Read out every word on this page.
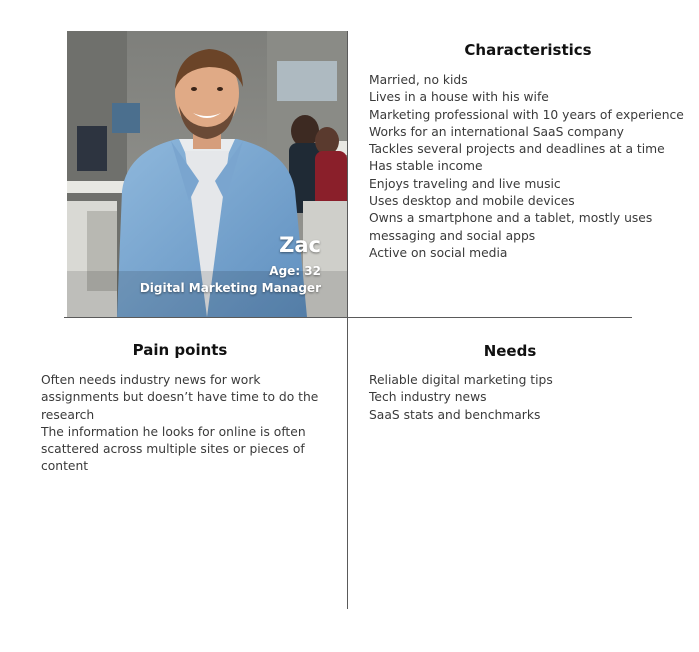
Zac
Age: 32
Digital Marketing Manager
Characteristics
Married, no kids
Lives in a house with his wife
Marketing professional with 10 years of experience
Works for an international SaaS company
Tackles several projects and deadlines at a time
Has stable income
Enjoys traveling and live music
Uses desktop and mobile devices
Owns a smartphone and a tablet, mostly uses messaging and social apps
Active on social media
Pain points
Often needs industry news for work assignments but doesn’t have time to do the research
The information he looks for online is often scattered across multiple sites or pieces of content
Needs
Reliable digital marketing tips
Tech industry news
SaaS stats and benchmarks
